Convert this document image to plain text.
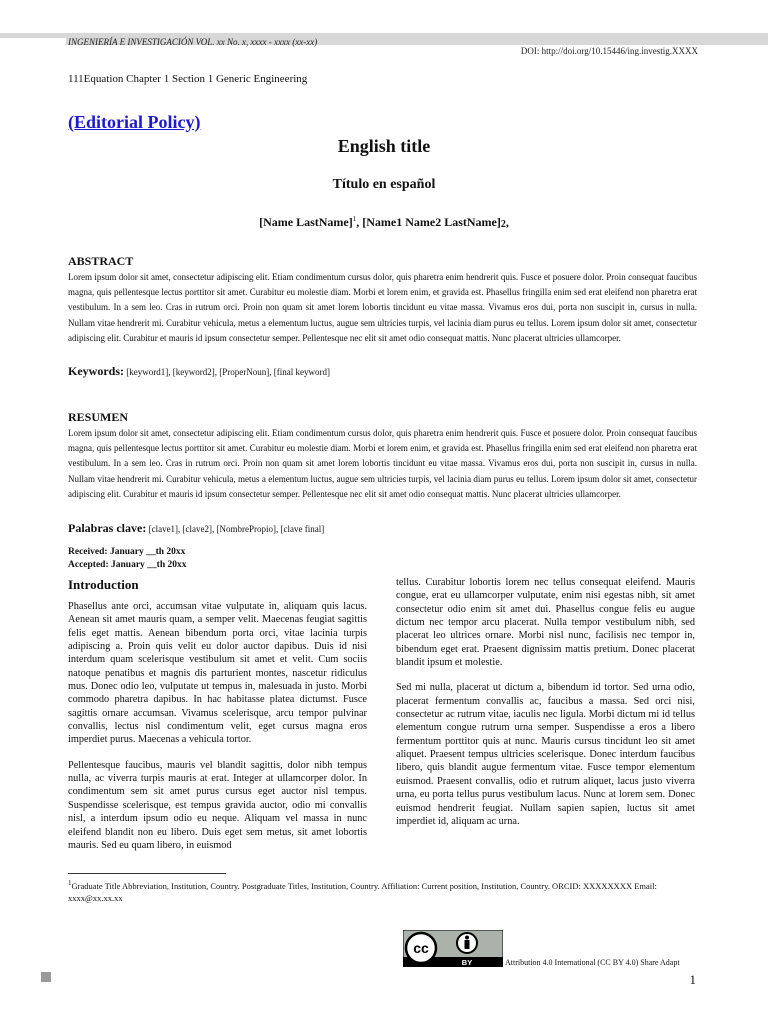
INGENIERÍA E INVESTIGACIÓN VOL. xx No. x, xxxx - xxxx (xx-xx)
DOI: http://doi.org/10.15446/ing.investig.XXXX
111Equation Chapter 1 Section 1 Generic Engineering
(Editorial Policy)
English title
Título en español
[Name LastName]$^1$, [Name1 Name2 $LastName]_2$,
ABSTRACT
Lorem ipsum dolor sit amet, consectetur adipiscing elit. Etiam condimentum cursus dolor, quis pharetra enim hendrerit quis. Fusce et posuere dolor. Proin consequat faucibus magna, quis pellentesque lectus porttitor sit amet. Curabitur eu molestie diam. Morbi et lorem enim, et gravida est. Phasellus fringilla enim sed erat eleifend non pharetra erat vestibulum. In a sem leo. Cras in rutrum orci. Proin non quam sit amet lorem lobortis tincidunt eu vitae massa. Vivamus eros dui, porta non suscipit in, cursus in nulla. Nullam vitae hendrerit mi. Curabitur vehicula, metus a elementum luctus, augue sem ultricies turpis, vel lacinia diam purus eu tellus. Lorem ipsum dolor sit amet, consectetur adipiscing elit. Curabitur et mauris id ipsum consectetur semper. Pellentesque nec elit sit amet odio consequat mattis. Nunc placerat ultricies ullamcorper.
Keywords: [keyword1], [keyword2], [ProperNoun], [final keyword]
RESUMEN
Lorem ipsum dolor sit amet, consectetur adipiscing elit. Etiam condimentum cursus dolor, quis pharetra enim hendrerit quis. Fusce et posuere dolor. Proin consequat faucibus magna, quis pellentesque lectus porttitor sit amet. Curabitur eu molestie diam. Morbi et lorem enim, et gravida est. Phasellus fringilla enim sed erat eleifend non pharetra erat vestibulum. In a sem leo. Cras in rutrum orci. Proin non quam sit amet lorem lobortis tincidunt eu vitae massa. Vivamus eros dui, porta non suscipit in, cursus in nulla. Nullam vitae hendrerit mi. Curabitur vehicula, metus a elementum luctus, augue sem ultricies turpis, vel lacinia diam purus eu tellus. Lorem ipsum dolor sit amet, consectetur adipiscing elit. Curabitur et mauris id ipsum consectetur semper. Pellentesque nec elit sit amet odio consequat mattis. Nunc placerat ultricies ullamcorper.
Palabras clave: [clave1], [clave2], [NombrePropio], [clave final]
Received: January __th 20xx
Accepted: January __th 20xx
Introduction

Phasellus ante orci, accumsan vitae vulputate in, aliquam quis lacus. Aenean sit amet mauris quam, a semper velit. Maecenas feugiat sagittis felis eget mattis. Aenean bibendum porta orci, vitae lacinia turpis adipiscing a. Proin quis velit eu dolor auctor dapibus. Duis id nisi interdum quam scelerisque vestibulum sit amet et velit. Cum sociis natoque penatibus et magnis dis parturient montes, nascetur ridiculus mus. Donec odio leo, vulputate ut tempus in, malesuada in justo. Morbi commodo pharetra dapibus. In hac habitasse platea dictumst. Fusce sagittis ornare accumsan. Vivamus scelerisque, arcu tempor pulvinar convallis, lectus nisl condimentum velit, eget cursus magna eros imperdiet purus. Maecenas a vehicula tortor.

Pellentesque faucibus, mauris vel blandit sagittis, dolor nibh tempus nulla, ac viverra turpis mauris at erat. Integer at ullamcorper dolor. In condimentum sem sit amet purus cursus eget auctor nisl tempus. Suspendisse scelerisque, est tempus gravida auctor, odio mi convallis nisl, a interdum ipsum odio eu neque. Aliquam vel massa in nunc eleifend blandit non eu libero. Duis eget sem metus, sit amet lobortis mauris. Sed eu quam libero, in euismod

tellus. Curabitur lobortis lorem nec tellus consequat eleifend. Mauris congue, erat eu ullamcorper vulputate, enim nisi egestas nibh, sit amet consectetur odio enim sit amet dui. Phasellus congue felis eu augue dictum nec tempor arcu placerat. Nulla tempor vestibulum nibh, sed placerat leo ultrices ornare. Morbi nisl nunc, facilisis nec tempor in, bibendum eget erat. Praesent dignissim mattis pretium. Donec placerat blandit ipsum et molestie.

Sed mi nulla, placerat ut dictum a, bibendum id tortor. Sed urna odio, placerat fermentum convallis ac, faucibus a massa. Sed orci nisi, consectetur ac rutrum vitae, iaculis nec ligula. Morbi dictum mi id tellus elementum congue rutrum urna semper. Suspendisse a eros a libero fermentum porttitor quis at nunc. Mauris cursus tincidunt leo sit amet aliquet. Praesent tempus ultricies scelerisque. Donec interdum faucibus libero, quis blandit augue fermentum vitae. Fusce tempor elementum euismod. Praesent convallis, odio et rutrum aliquet, lacus justo viverra urna, eu porta tellus purus vestibulum lacus. Nunc at lorem sem. Donec euismod hendrerit feugiat. Nullam sapien sapien, luctus sit amet imperdiet id, aliquam ac urna.

$^1$Graduate Title Abbreviation, Institution, Country. Postgraduate Titles, Institution, Country. Affiliation: Current position, Institution, Country. ORCID: XXXXXXXX Email: xxxx@xx.xx.xx
cc
BY	Attribution 4.0 International (CC BY 4.0) Share Adapt
1
